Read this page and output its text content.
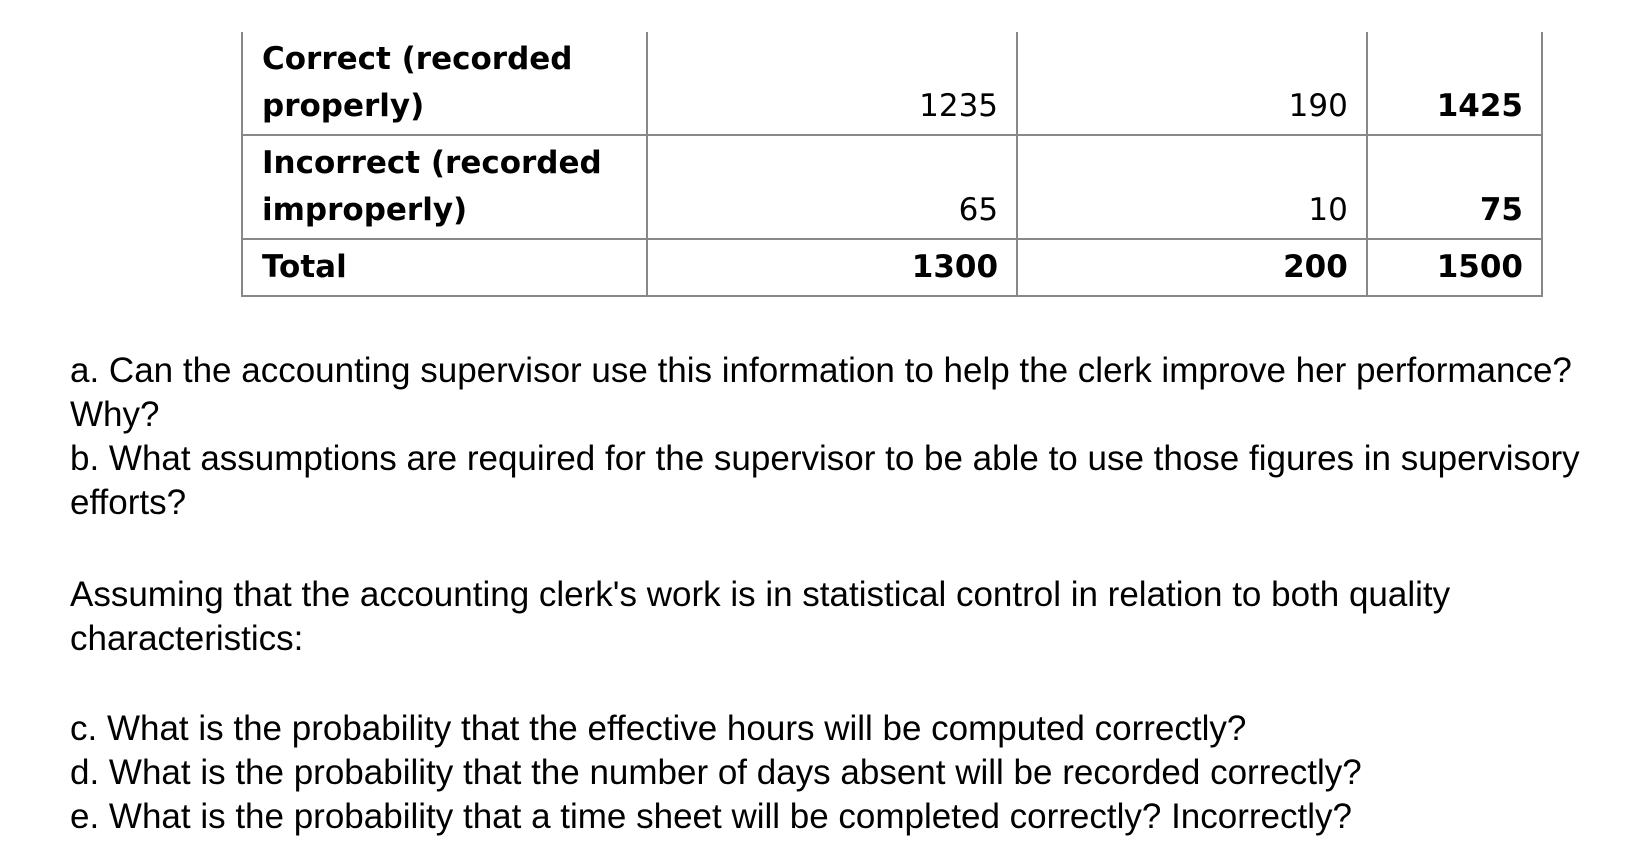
Correct (recorded properly)	1235	190	1425
Incorrect (recorded improperly)	65	10	75
Total	1300	200	1500

a. Can the accounting supervisor use this information to help the clerk improve her performance? Why?

b. What assumptions are required for the supervisor to be able to use those figures in supervisory efforts?

Assuming that the accounting clerk's work is in statistical control in relation to both quality characteristics:

c. What is the probability that the effective hours will be computed correctly?

d. What is the probability that the number of days absent will be recorded correctly?

e. What is the probability that a time sheet will be completed correctly? Incorrectly?
